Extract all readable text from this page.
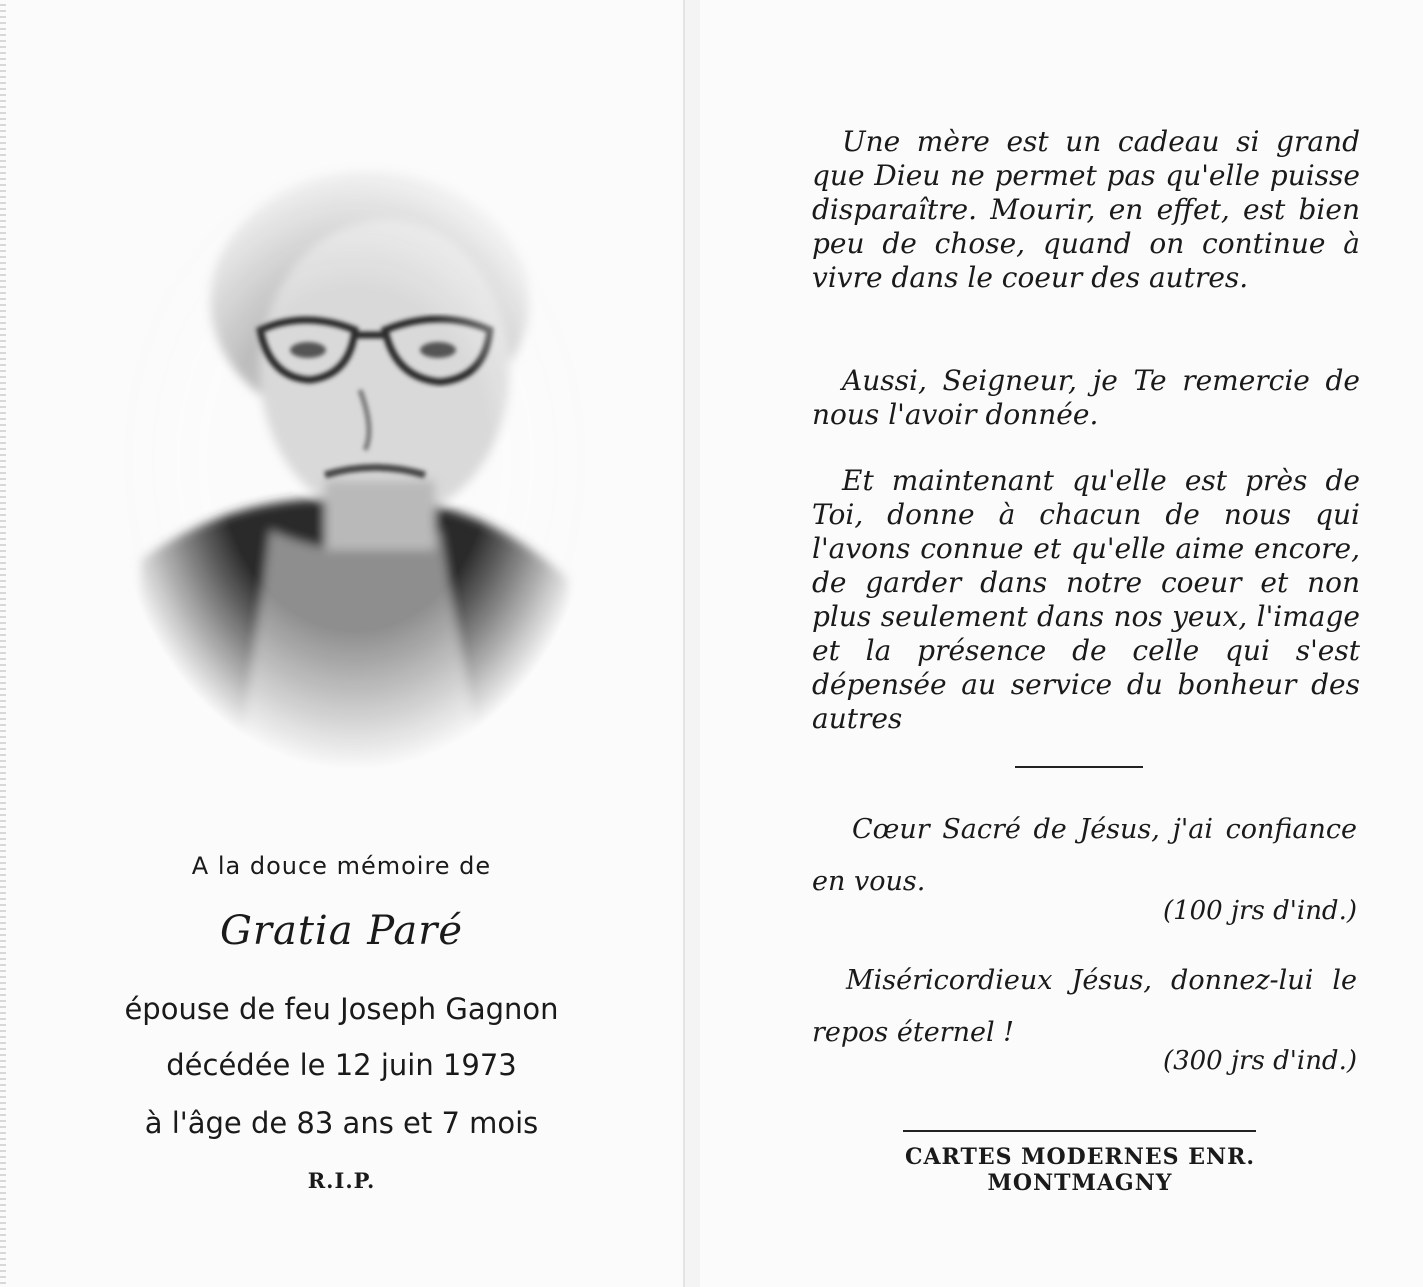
A la douce mémoire de
Gratia Paré
épouse de feu Joseph Gagnon
décédée le 12 juin 1973
à l'âge de 83 ans et 7 mois
R.I.P.

Une mère est un cadeau si grand que Dieu ne permet pas qu'elle puisse disparaître. Mourir, en effet, est bien peu de chose, quand on continue à vivre dans le coeur des autres.

Aussi, Seigneur, je Te remercie de nous l'avoir donnée.

Et maintenant qu'elle est près de Toi, donne à chacun de nous qui l'avons connue et qu'elle aime encore, de garder dans notre coeur et non plus seulement dans nos yeux, l'image et la présence de celle qui s'est dépensée au service du bonheur des autres

Cœur Sacré de Jésus, j'ai confiance en vous.

(100 jrs d'ind.)

Miséricordieux Jésus, donnez-lui le repos éternel !

(300 jrs d'ind.)
CARTES MODERNES ENR.
MONTMAGNY
